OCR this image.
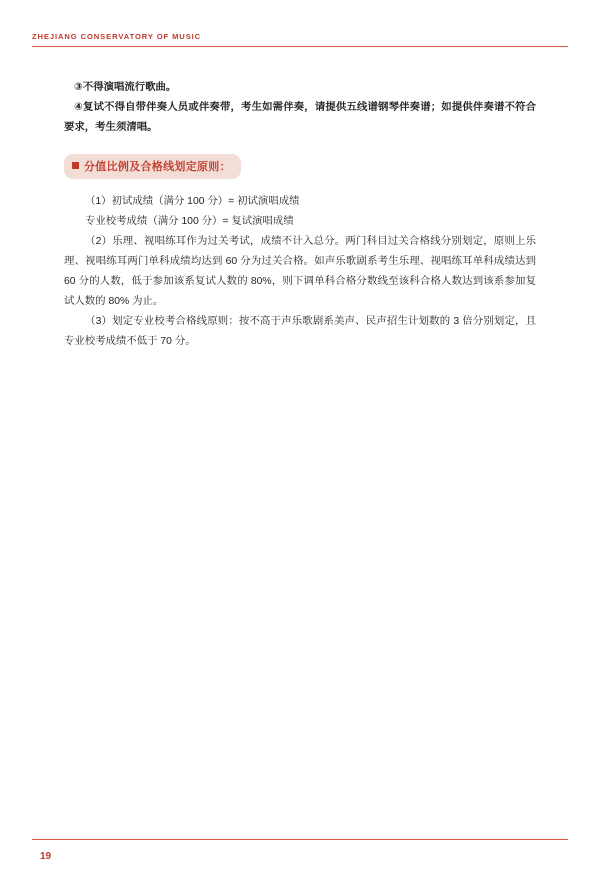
ZHEJIANG CONSERVATORY OF MUSIC

③不得演唱流行歌曲。

④复试不得自带伴奏人员或伴奏带，考生如需伴奏，请提供五线谱钢琴伴奏谱；如提供伴奏谱不符合要求，考生须清唱。

分值比例及合格线划定原则：

（1）初试成绩（满分 100 分）= 初试演唱成绩

专业校考成绩（满分 100 分）= 复试演唱成绩

（2）乐理、视唱练耳作为过关考试，成绩不计入总分。两门科目过关合格线分别划定，原则上乐理、视唱练耳两门单科成绩均达到 60 分为过关合格。如声乐歌剧系考生乐理、视唱练耳单科成绩达到 60 分的人数，低于参加该系复试人数的 80%，则下调单科合格分数线至该科合格人数达到该系参加复试人数的 80% 为止。

（3）划定专业校考合格线原则：按不高于声乐歌剧系美声、民声招生计划数的 3 倍分别划定，且专业校考成绩不低于 70 分。

19
